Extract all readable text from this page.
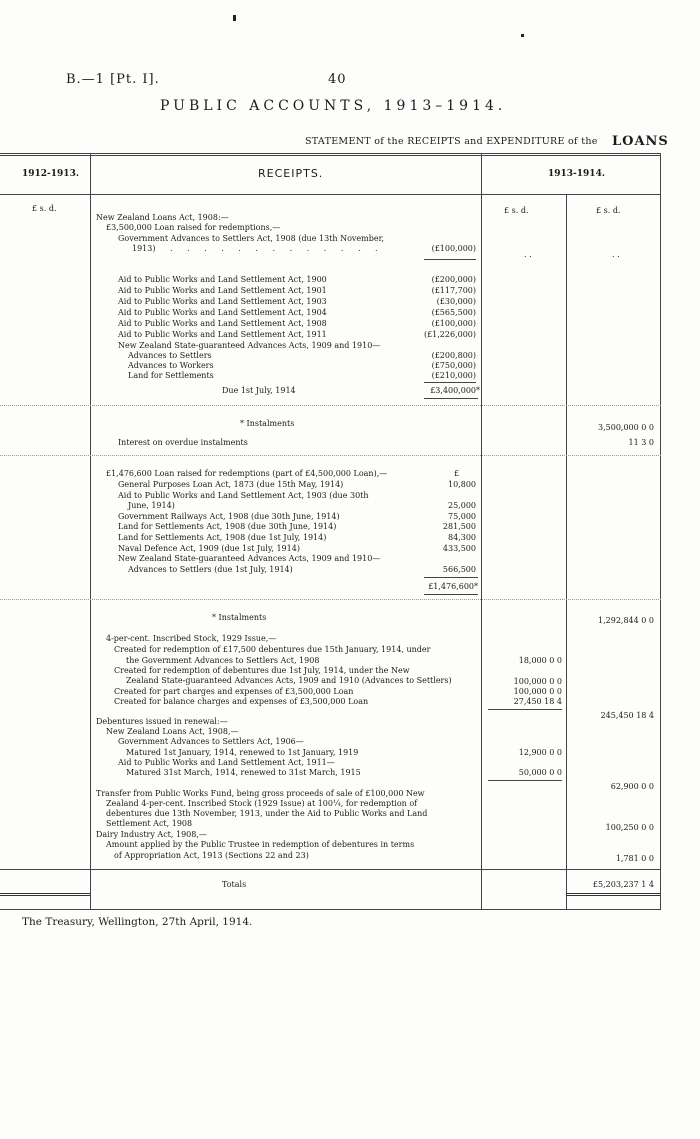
B.—1 [Pt. I].	40
PUBLIC ACCOUNTS, 1913–1914.
STATEMENT of the RECEIPTS and EXPENDITURE of the LOANS
1912-1913.	RECEIPTS.	1913-1914.
£ s. d.	£ s. d.	£ s. d.
New Zealand Loans Act, 1908:—
£3,500,000 Loan raised for redemptions,—
Government Advances to Settlers Act, 1908 (due 13th November,
1913) . . . . . . . . . . . . .	(£100,000)
. .	. .
Aid to Public Works and Land Settlement Act, 1900	(£200,000)
Aid to Public Works and Land Settlement Act, 1901	(£117,700)
Aid to Public Works and Land Settlement Act, 1903	(£30,000)
Aid to Public Works and Land Settlement Act, 1904	(£565,500)
Aid to Public Works and Land Settlement Act, 1908	(£100,000)
Aid to Public Works and Land Settlement Act, 1911	(£1,226,000)
New Zealand State-guaranteed Advances Acts, 1909 and 1910—
Advances to Settlers	(£200,800)
Advances to Workers	(£750,000)
Land for Settlements	(£210,000)
Due 1st July, 1914	£3,400,000*
* Instalments	3,500,000 0 0
Interest on overdue instalments	11 3 0
£1,476,600 Loan raised for redemptions (part of £4,500,000 Loan),—	£
General Purposes Loan Act, 1873 (due 15th May, 1914)	10,800
Aid to Public Works and Land Settlement Act, 1903 (due 30th
June, 1914)	25,000
Government Railways Act, 1908 (due 30th June, 1914)	75,000
Land for Settlements Act, 1908 (due 30th June, 1914)	281,500
Land for Settlements Act, 1908 (due 1st July, 1914)	84,300
Naval Defence Act, 1909 (due 1st July, 1914)	433,500
New Zealand State-guaranteed Advances Acts, 1909 and 1910—
Advances to Settlers (due 1st July, 1914)	566,500
£1,476,600*
* Instalments	1,292,844 0 0
4-per-cent. Inscribed Stock, 1929 Issue,—
Created for redemption of £17,500 debentures due 15th January, 1914, under
the Government Advances to Settlers Act, 1908	18,000 0 0
Created for redemption of debentures due 1st July, 1914, under the New
Zealand State-guaranteed Advances Acts, 1909 and 1910 (Advances to Settlers)	100,000 0 0
Created for part charges and expenses of £3,500,000 Loan	100,000 0 0
Created for balance charges and expenses of £3,500,000 Loan	27,450 18 4
245,450 18 4
Debentures issued in renewal:—
New Zealand Loans Act, 1908,—
Government Advances to Settlers Act, 1906—
Matured 1st January, 1914, renewed to 1st January, 1919	12,900 0 0
Aid to Public Works and Land Settlement Act, 1911—
Matured 31st March, 1914, renewed to 31st March, 1915	50,000 0 0
62,900 0 0
Transfer from Public Works Fund, being gross proceeds of sale of £100,000 New
Zealand 4-per-cent. Inscribed Stock (1929 Issue) at 100¼, for redemption of
debentures due 13th November, 1913, under the Aid to Public Works and Land
Settlement Act, 1908	100,250 0 0
Dairy Industry Act, 1908,—
Amount applied by the Public Trustee in redemption of debentures in terms
of Appropriation Act, 1913 (Sections 22 and 23)	1,781 0 0
Totals	£5,203,237 1 4
The Treasury, Wellington, 27th April, 1914.
